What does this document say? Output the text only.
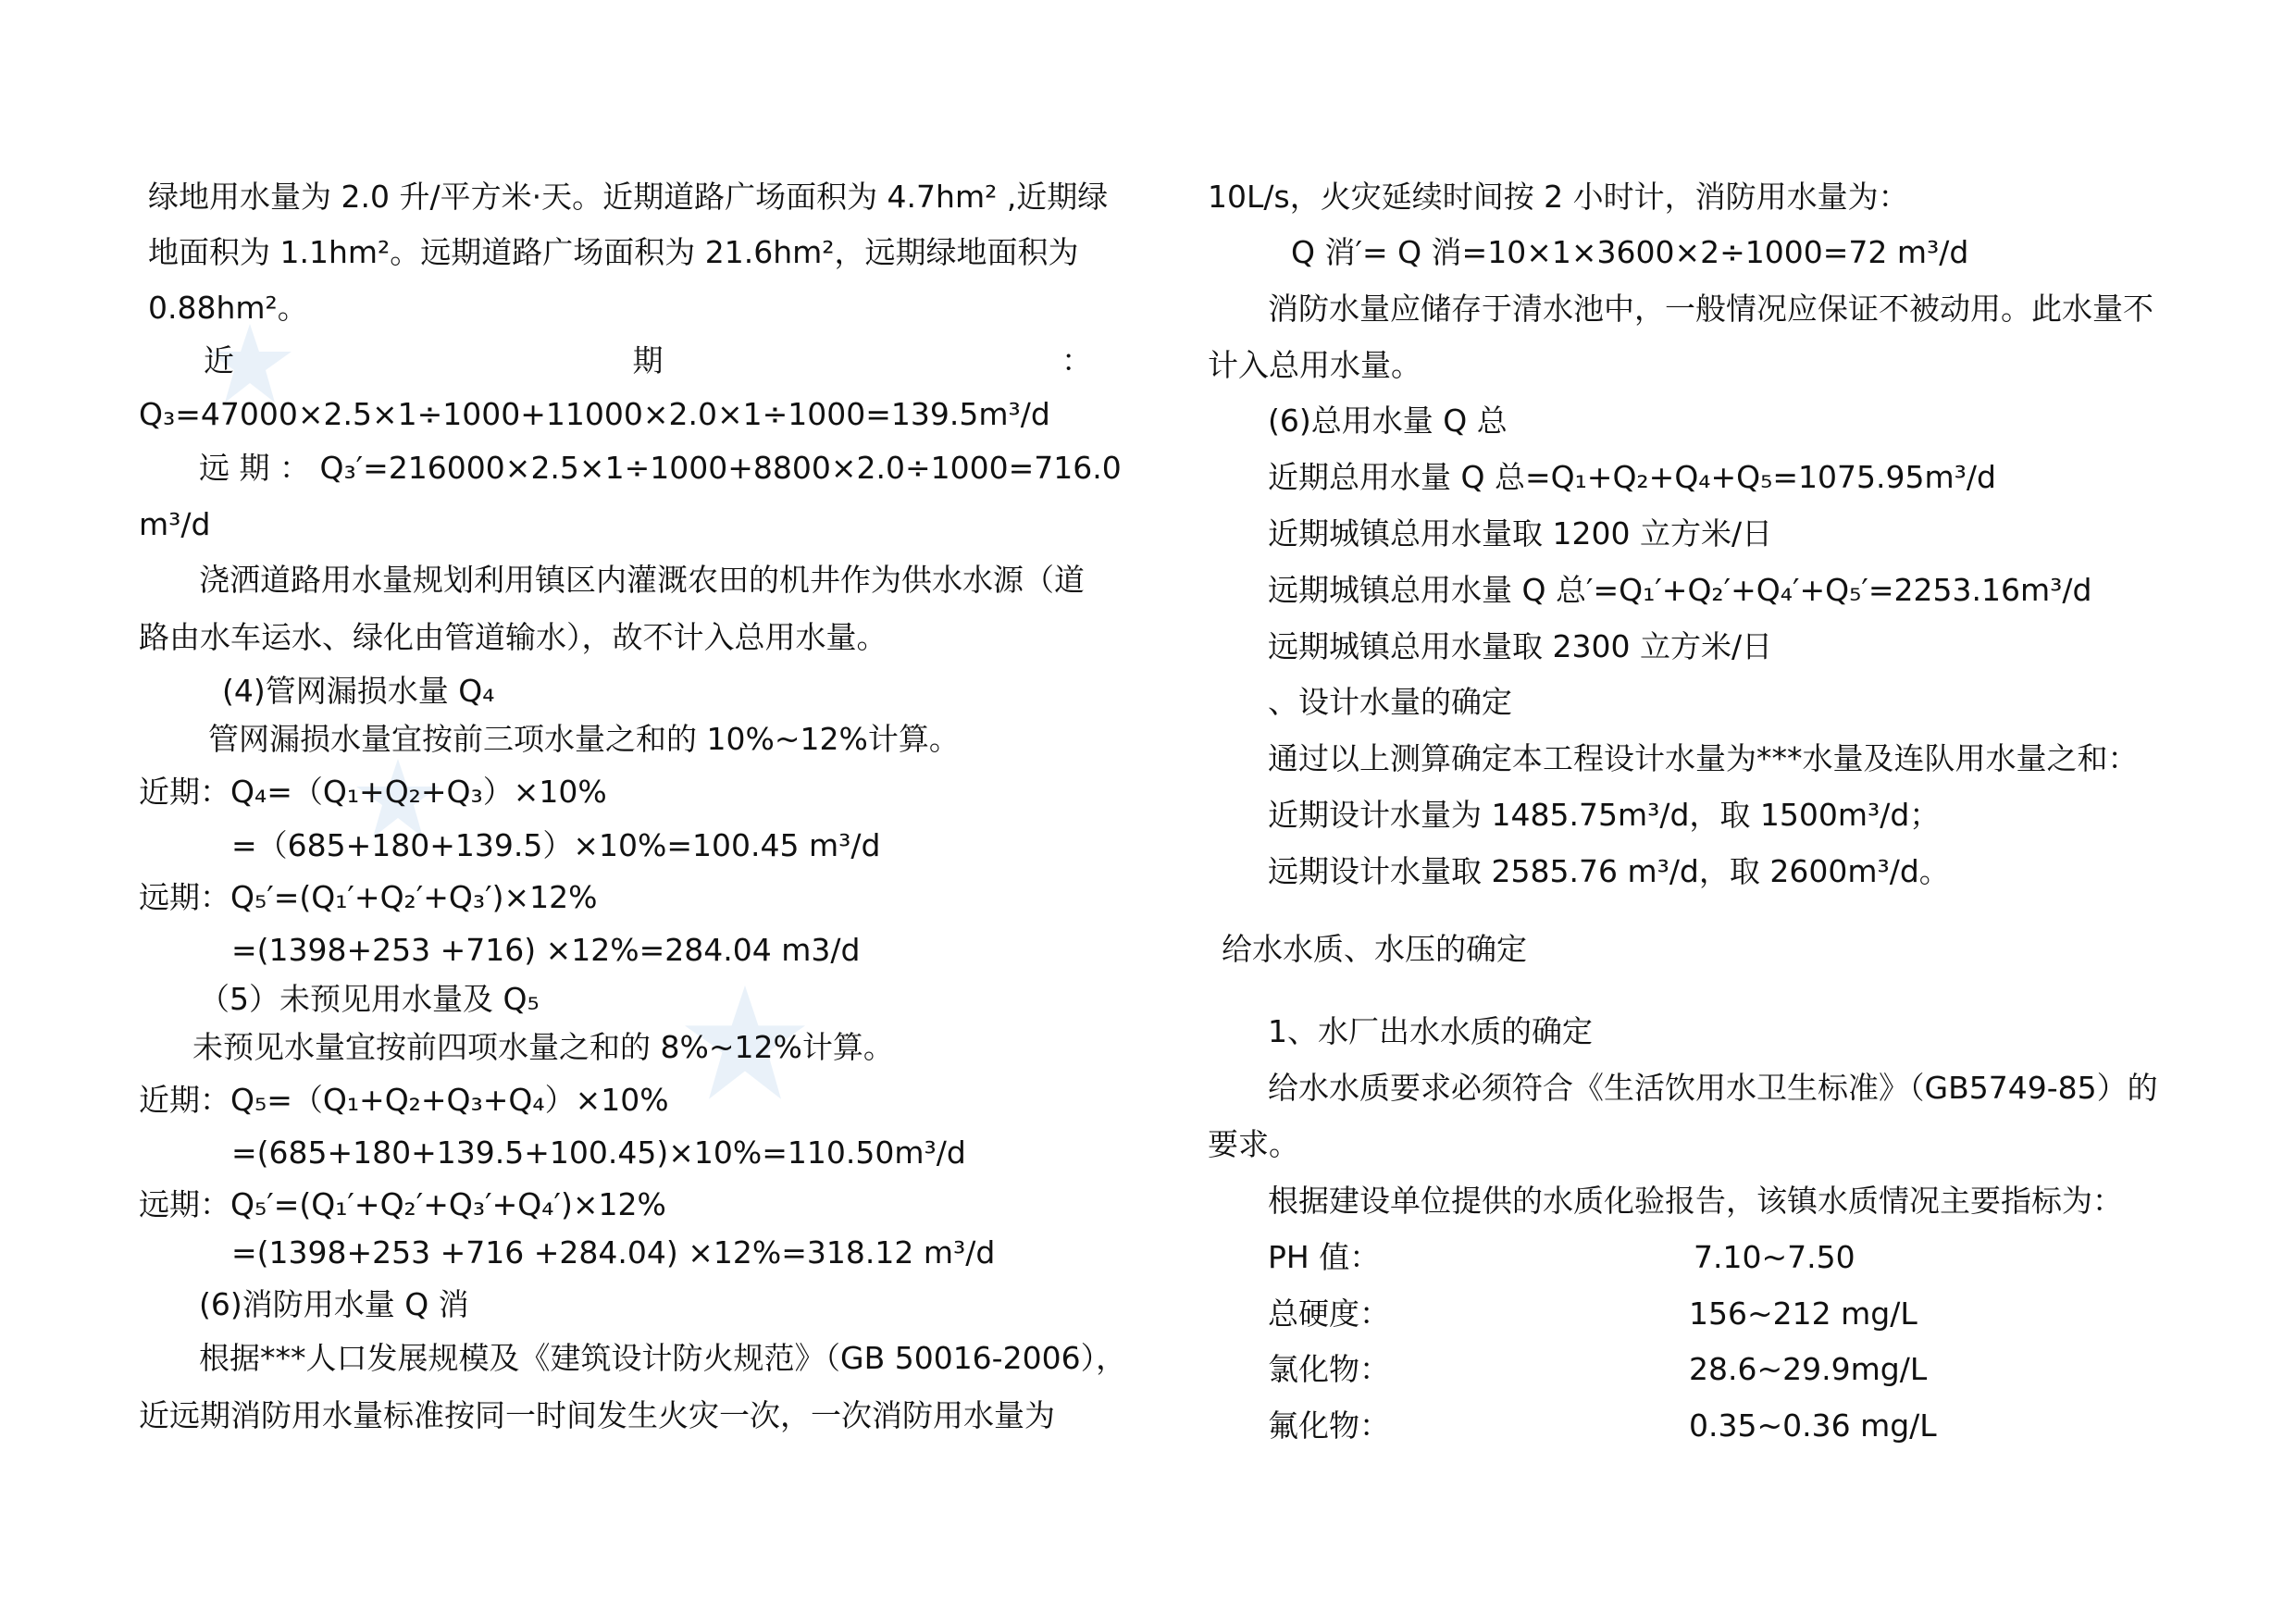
绿地用水量为 2.0 升/平方米·天。近期道路广场面积为 4.7hm² ,近期绿
地面积为 1.1hm²。远期道路广场面积为 21.6hm²，远期绿地面积为
0.88hm²。
近	期	：
Q₃=47000×2.5×1÷1000+11000×2.0×1÷1000=139.5m³/d
远 期 ： Q₃′=216000×2.5×1÷1000+8800×2.0÷1000=716.0
m³/d
浇洒道路用水量规划利用镇区内灌溉农田的机井作为供水水源（道
路由水车运水、绿化由管道输水），故不计入总用水量。
(4)管网漏损水量 Q₄
管网漏损水量宜按前三项水量之和的 10%~12%计算。
近期：Q₄=（Q₁+Q₂+Q₃）×10%
=（685+180+139.5）×10%=100.45 m³/d
远期：Q₅′=(Q₁′+Q₂′+Q₃′)×12%
=(1398+253 +716) ×12%=284.04 m3/d
（5）未预见用水量及 Q₅
未预见水量宜按前四项水量之和的 8%~12%计算。
近期：Q₅=（Q₁+Q₂+Q₃+Q₄）×10%
=(685+180+139.5+100.45)×10%=110.50m³/d
远期：Q₅′=(Q₁′+Q₂′+Q₃′+Q₄′)×12%
=(1398+253 +716 +284.04) ×12%=318.12 m³/d
(6)消防用水量 Q 消
根据***人口发展规模及《建筑设计防火规范》（GB 50016-2006），
近远期消防用水量标准按同一时间发生火灾一次，一次消防用水量为
10L/s，火灾延续时间按 2 小时计，消防用水量为：
Q 消′= Q 消=10×1×3600×2÷1000=72 m³/d
消防水量应储存于清水池中，一般情况应保证不被动用。此水量不
计入总用水量。
(6)总用水量 Q 总
近期总用水量 Q 总=Q₁+Q₂+Q₄+Q₅=1075.95m³/d
近期城镇总用水量取 1200 立方米/日
远期城镇总用水量 Q 总′=Q₁′+Q₂′+Q₄′+Q₅′=2253.16m³/d
远期城镇总用水量取 2300 立方米/日
、设计水量的确定
通过以上测算确定本工程设计水量为***水量及连队用水量之和：
近期设计水量为 1485.75m³/d，取 1500m³/d；
远期设计水量取 2585.76 m³/d，取 2600m³/d。
给水水质、水压的确定
1、水厂出水水质的确定
给水水质要求必须符合《生活饮用水卫生标准》（GB5749-85）的
要求。
根据建设单位提供的水质化验报告，该镇水质情况主要指标为：
PH 值：	7.10~7.50
总硬度：	156~212 mg/L
氯化物：	28.6~29.9mg/L
氟化物：	0.35~0.36 mg/L
